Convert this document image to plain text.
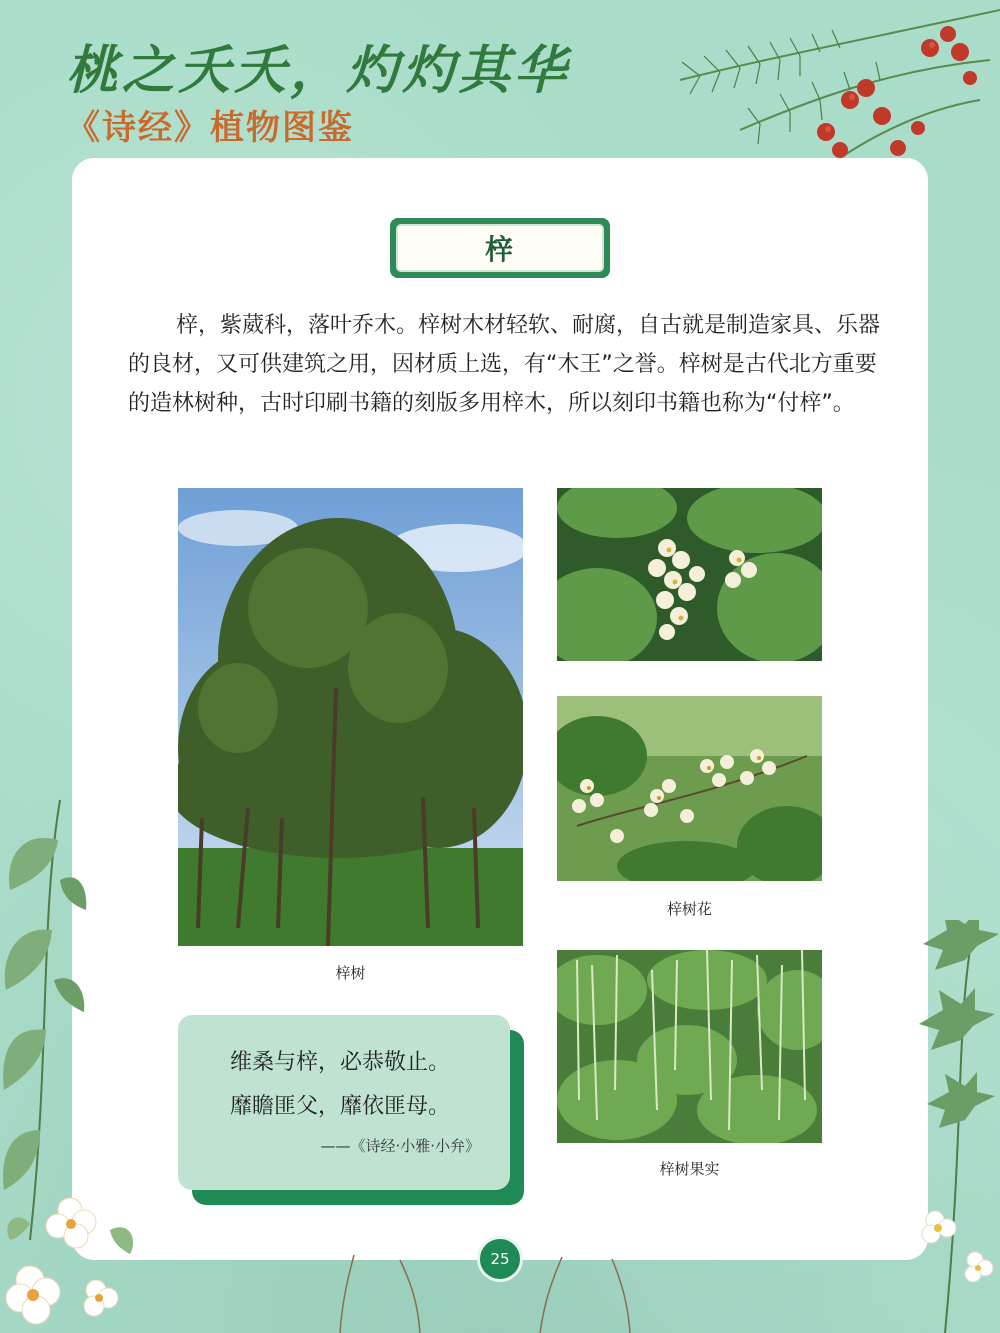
桃之夭夭，灼灼其华
《诗经》植物图鉴
梓

梓，紫葳科，落叶乔木。梓树木材轻软、耐腐，自古就是制造家具、乐器的良材，又可供建筑之用，因材质上选，有“木王”之誉。梓树是古代北方重要的造林树种，古时印刷书籍的刻版多用梓木，所以刻印书籍也称为“付梓”。

梓树
梓树花
梓树果实

维桑与梓，必恭敬止。

靡瞻匪父，靡依匪母。

——《诗经·小雅·小弁》
25
